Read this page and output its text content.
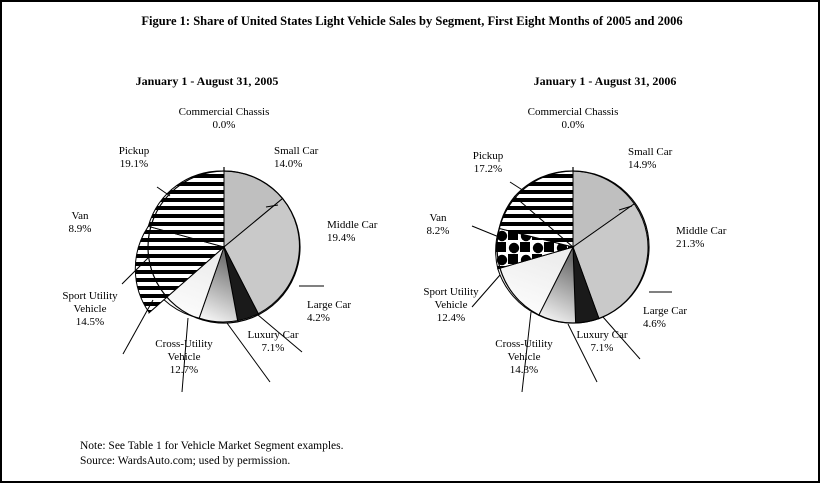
Figure 1: Share of United States Light Vehicle Sales by Segment, First Eight Months of 2005 and 2006
January 1 - August 31, 2005
Commercial Chassis
0.0%
Small Car
14.0%
Middle Car
19.4%
Large Car
4.2%
Luxury Car
7.1%
Cross-Utility
Vehicle
12.7%
Sport Utility
Vehicle
14.5%
Van
8.9%
Pickup
19.1%
January 1 - August 31, 2006
Commercial Chassis
0.0%
Small Car
14.9%
Middle Car
21.3%
Large Car
4.6%
Luxury Car
7.1%
Cross-Utility
Vehicle
14.3%
Sport Utility
Vehicle
12.4%
Van
8.2%
Pickup
17.2%
Note: See Table 1 for Vehicle Market Segment examples.
Source: WardsAuto.com; used by permission.
